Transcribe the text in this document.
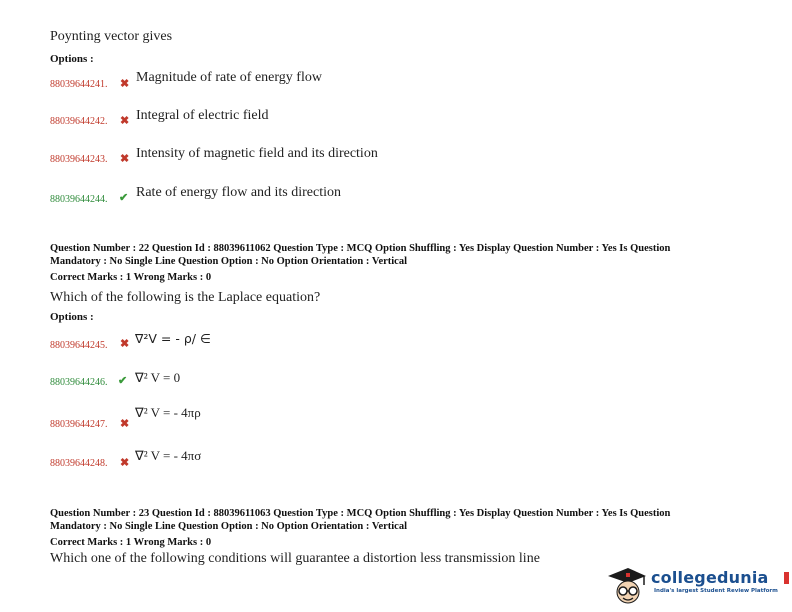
Poynting vector gives
Options :
88039644241. ✖ Magnitude of rate of energy flow
88039644242. ✖ Integral of electric field
88039644243. ✖ Intensity of magnetic field and its direction
88039644244. ✔ Rate of energy flow and its direction
Question Number : 22 Question Id : 88039611062 Question Type : MCQ Option Shuffling : Yes Display Question Number : Yes Is Question
Mandatory : No Single Line Question Option : No Option Orientation : Vertical
Correct Marks : 1 Wrong Marks : 0
Which of the following is the Laplace equation?
Options :
88039644245. ✖ ∇²V = - ρ/ ∈
88039644246. ✔ ∇² V = 0
88039644247. ✖
∇² V = - 4πρ
88039644248. ✖ ∇² V = - 4πσ
Question Number : 23 Question Id : 88039611063 Question Type : MCQ Option Shuffling : Yes Display Question Number : Yes Is Question
Mandatory : No Single Line Question Option : No Option Orientation : Vertical
Correct Marks : 1 Wrong Marks : 0
Which one of the following conditions will guarantee a distortion less transmission line
collegedunia
India's largest Student Review Platform
